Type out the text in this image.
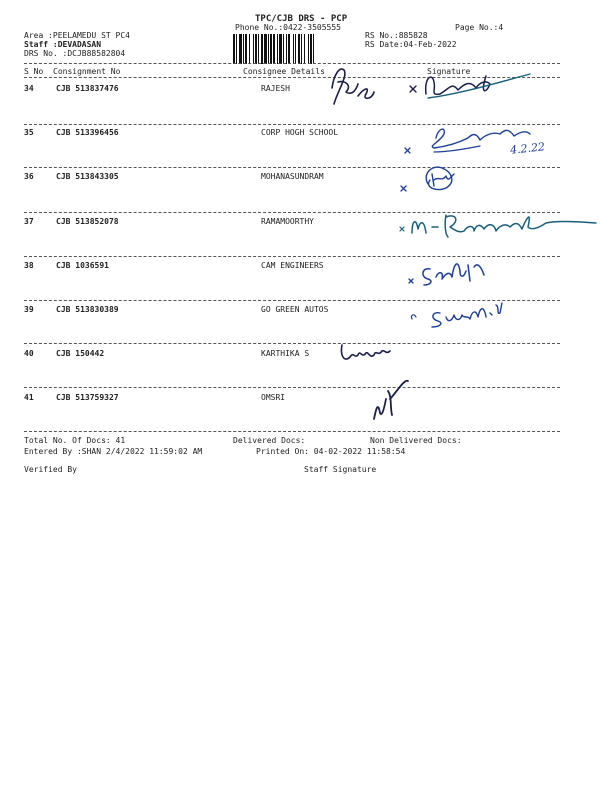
TPC/CJB DRS - PCP
Phone No.:0422-3505555	Page No.:4
Area :PEELAMEDU ST PC4
Staff :DEVADASAN
DRS No. :DCJB88582804
RS No.:885828
RS Date:04-Feb-2022
S No Consignment No	Consignee Details	Signature
34	CJB 513837476	RAJESH
35	CJB 513396456	CORP HOGH SCHOOL
4.2.22
36	CJB 513843305	MOHANASUNDRAM
37	CJB 513852078	RAMAMOORTHY
38	CJB 1036591	CAM ENGINEERS
39	CJB 513830389	GO GREEN AUTOS
40	CJB 150442	KARTHIKA S
41	CJB 513759327	OMSRI
Total No. Of Docs: 41	Delivered Docs:	Non Delivered Docs:
Entered By :SHAN 2/4/2022 11:59:02 AM	Printed On: 04-02-2022 11:58:54
Verified By	Staff Signature
